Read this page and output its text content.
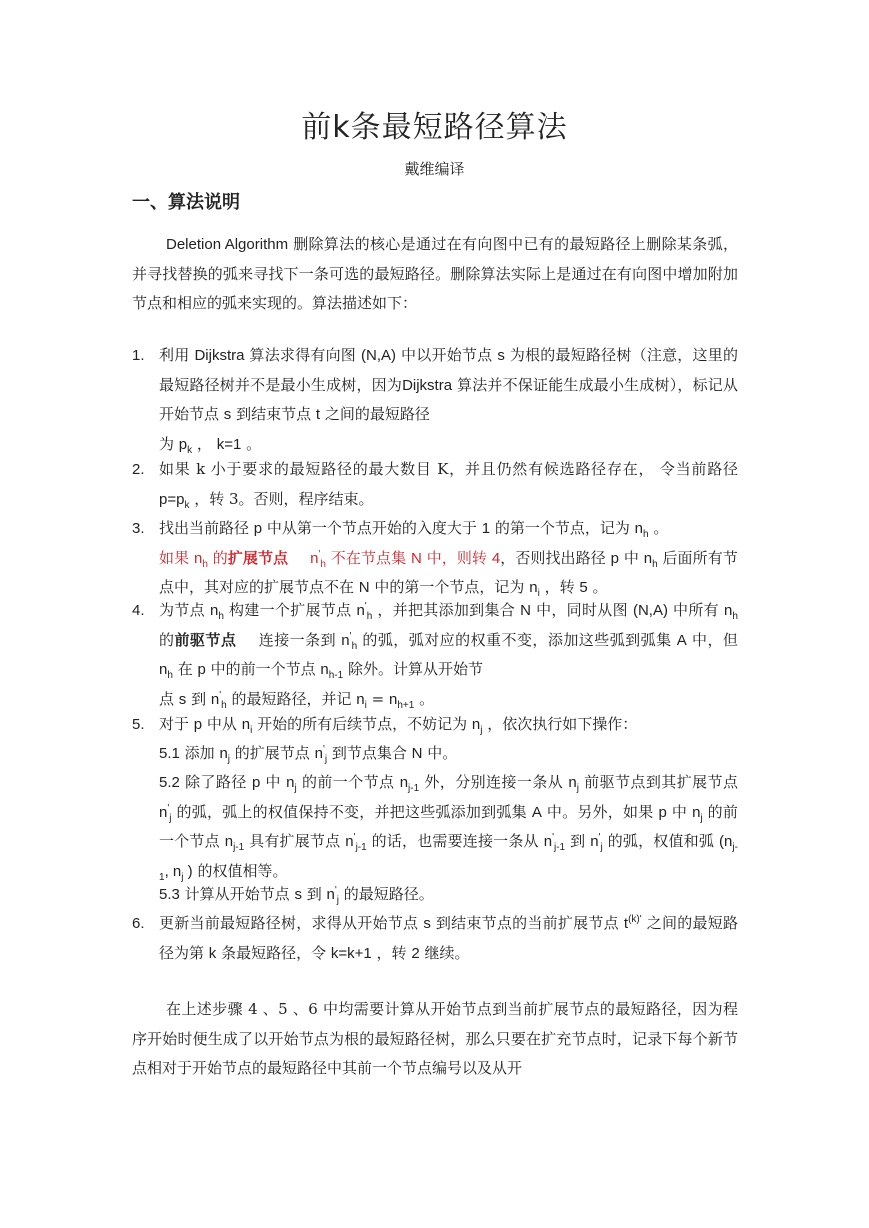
前k条最短路径算法
戴维编译
一、算法说明
Deletion Algorithm 删除算法的核心是通过在有向图中已有的最短路径上删除某条弧，并寻找替换的弧来寻找下一条可选的最短路径。删除算法实际上是通过在有向图中增加附加节点和相应的弧来实现的。算法描述如下：
1. 利用 Dijkstra 算法求得有向图 (N,A) 中以开始节点 s 为根的最短路径树（注意，这里的最短路径树并不是最小生成树，因为Dijkstra 算法并不保证能生成最小生成树），标记从开始节点 s 到结束节点 t 之间的最短路径
为 $p_k$ ， k=1 。
2. 如果 k 小于要求的最短路径的最大数目 K，并且仍然有候选路径存在， 令当前路径$p=p_k$ ，转 3。否则，程序结束。
3. 找出当前路径 p 中从第一个节点开始的入度大于 1 的第一个节点，记为 $n_h$ 。
如果 $n_h$ 的扩展节点 $n'_h$ 不在节点集 N 中，则转 4，否则找出路径 p 中 $n_h$ 后面所有节点中，其对应的扩展节点不在 N 中的第一个节点，记为 $n_i$ ，转 5 。
4. 为节点 $n_h$ 构建一个扩展节点 $n'_h$ ，并把其添加到集合 N 中，同时从图 (N,A) 中所有 $n_h$ 的前驱节点 连接一条到 $n'_h$ 的弧，弧对应的权重不变，添加这些弧到弧集 A 中，但 $n_h$ 在 p 中的前一个节点 $n_{h-1}$ 除外。计算从开始节
点 s 到 $n'_h$ 的最短路径，并记 $n_i = n_{h+1}$ 。
5. 对于 p 中从 $n_i$ 开始的所有后续节点，不妨记为 $n_j$ ，依次执行如下操作：
5.1 添加 $n_j$ 的扩展节点 $n'_j$ 到节点集合 N 中。
5.2 除了路径 p 中 $n_j$ 的前一个节点 $n_{j-1}$ 外，分别连接一条从 $n_j$ 前驱节点到其扩展节点 $n'_j$ 的弧，弧上的权值保持不变，并把这些弧添加到弧集 A 中。另外，如果 p 中 $n_j$ 的前一个节点 $n_{j-1}$ 具有扩展节点 $n'_{j-1}$ 的话，也需要连接一条从 $n'_{j-1}$ 到 $n'_j$ 的弧，权值和弧 ($n_{j-1}$, $n_j$ ) 的权值相等。
5.3 计算从开始节点 s 到 $n'_j$ 的最短路径。
6. 更新当前最短路径树，求得从开始节点 s 到结束节点的当前扩展节点 $t^{(k)'}$ 之间的最短路径为第 k 条最短路径，令 k=k+1 ，转 2 继续。
在上述步骤 4 、5 、6 中均需要计算从开始节点到当前扩展节点的最短路径，因为程序开始时便生成了以开始节点为根的最短路径树，那么只要在扩充节点时，记录下每个新节点相对于开始节点的最短路径中其前一个节点编号以及从开
